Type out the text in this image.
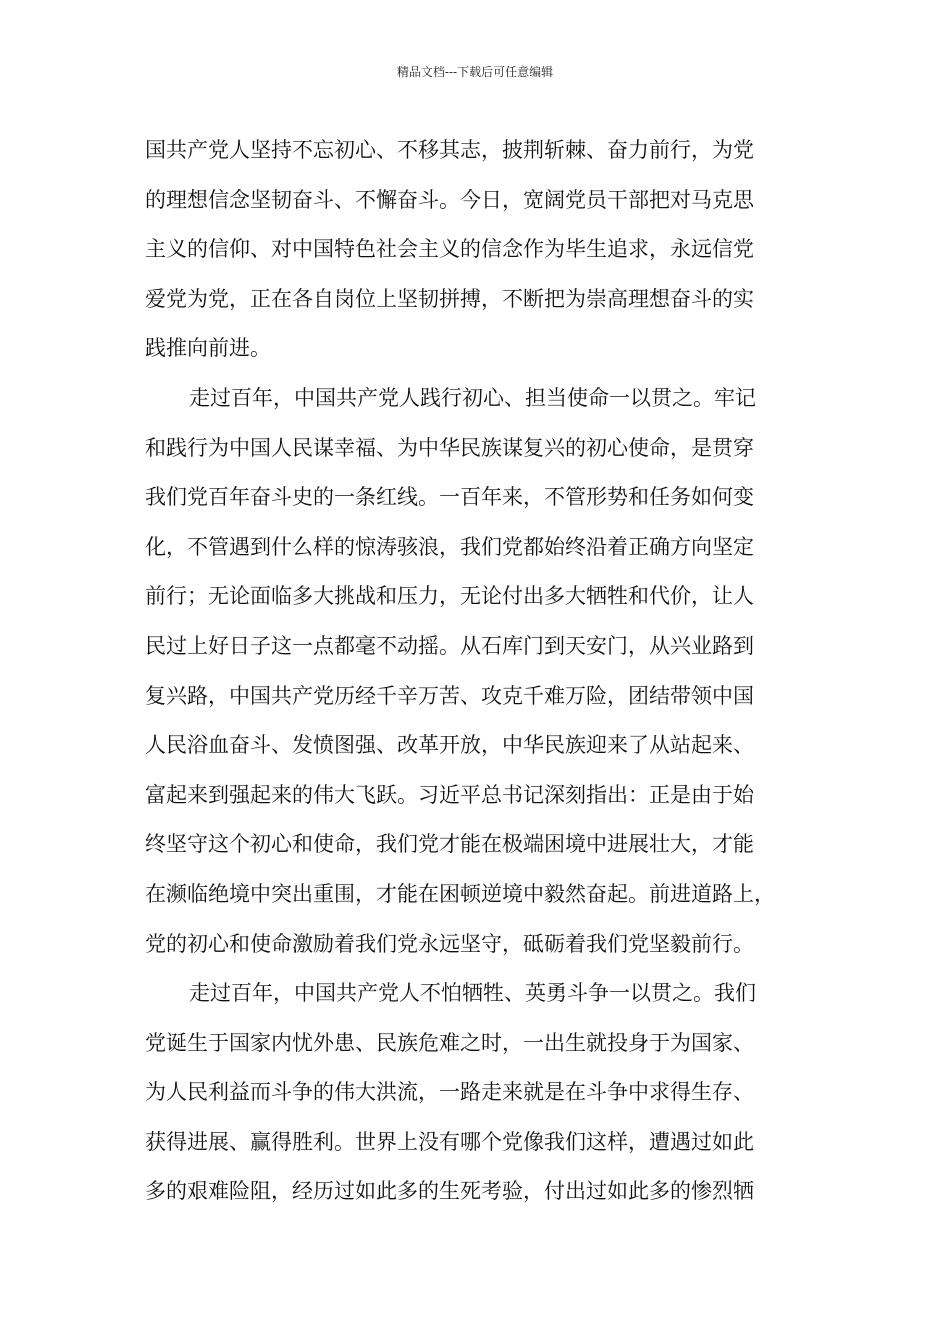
精品文档---下载后可任意编辑
国共产党人坚持不忘初心、不移其志，披荆斩棘、奋力前行，为党
的理想信念坚韧奋斗、不懈奋斗。今日，宽阔党员干部把对马克思
主义的信仰、对中国特色社会主义的信念作为毕生追求，永远信党
爱党为党，正在各自岗位上坚韧拼搏，不断把为崇高理想奋斗的实
践推向前进。
走过百年，中国共产党人践行初心、担当使命一以贯之。牢记
和践行为中国人民谋幸福、为中华民族谋复兴的初心使命，是贯穿
我们党百年奋斗史的一条红线。一百年来，不管形势和任务如何变
化，不管遇到什么样的惊涛骇浪，我们党都始终沿着正确方向坚定
前行；无论面临多大挑战和压力，无论付出多大牺牲和代价，让人
民过上好日子这一点都毫不动摇。从石库门到天安门，从兴业路到
复兴路，中国共产党历经千辛万苦、攻克千难万险，团结带领中国
人民浴血奋斗、发愤图强、改革开放，中华民族迎来了从站起来、
富起来到强起来的伟大飞跃。习近平总书记深刻指出：正是由于始
终坚守这个初心和使命，我们党才能在极端困境中进展壮大，才能
在濒临绝境中突出重围，才能在困顿逆境中毅然奋起。前进道路上，
党的初心和使命激励着我们党永远坚守，砥砺着我们党坚毅前行。
走过百年，中国共产党人不怕牺牲、英勇斗争一以贯之。我们
党诞生于国家内忧外患、民族危难之时，一出生就投身于为国家、
为人民利益而斗争的伟大洪流，一路走来就是在斗争中求得生存、
获得进展、赢得胜利。世界上没有哪个党像我们这样，遭遇过如此
多的艰难险阻，经历过如此多的生死考验，付出过如此多的惨烈牺
